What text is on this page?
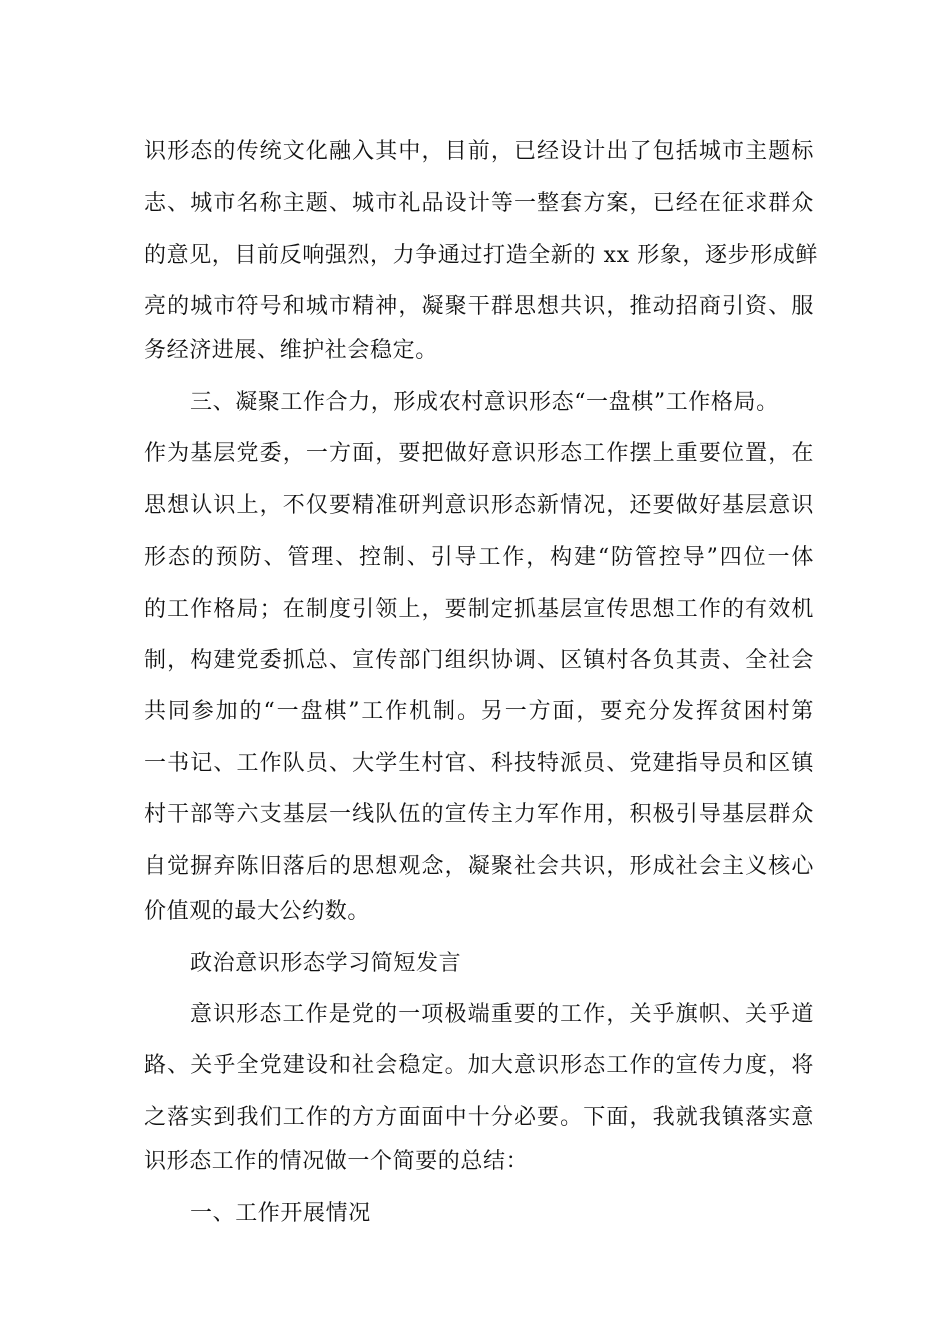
识形态的传统文化融入其中，目前，已经设计出了包括城市主题标
志、城市名称主题、城市礼品设计等一整套方案，已经在征求群众
的意见，目前反响强烈，力争通过打造全新的 xx 形象，逐步形成鲜
亮的城市符号和城市精神，凝聚干群思想共识，推动招商引资、服
务经济进展、维护社会稳定。
三、凝聚工作合力，形成农村意识形态“一盘棋”工作格局。
作为基层党委，一方面，要把做好意识形态工作摆上重要位置，在
思想认识上，不仅要精准研判意识形态新情况，还要做好基层意识
形态的预防、管理、控制、引导工作，构建“防管控导”四位一体
的工作格局；在制度引领上，要制定抓基层宣传思想工作的有效机
制，构建党委抓总、宣传部门组织协调、区镇村各负其责、全社会
共同参加的“一盘棋”工作机制。另一方面，要充分发挥贫困村第
一书记、工作队员、大学生村官、科技特派员、党建指导员和区镇
村干部等六支基层一线队伍的宣传主力军作用，积极引导基层群众
自觉摒弃陈旧落后的思想观念，凝聚社会共识，形成社会主义核心
价值观的最大公约数。
政治意识形态学习简短发言
意识形态工作是党的一项极端重要的工作，关乎旗帜、关乎道
路、关乎全党建设和社会稳定。加大意识形态工作的宣传力度，将
之落实到我们工作的方方面面中十分必要。下面，我就我镇落实意
识形态工作的情况做一个简要的总结：
一、工作开展情况
